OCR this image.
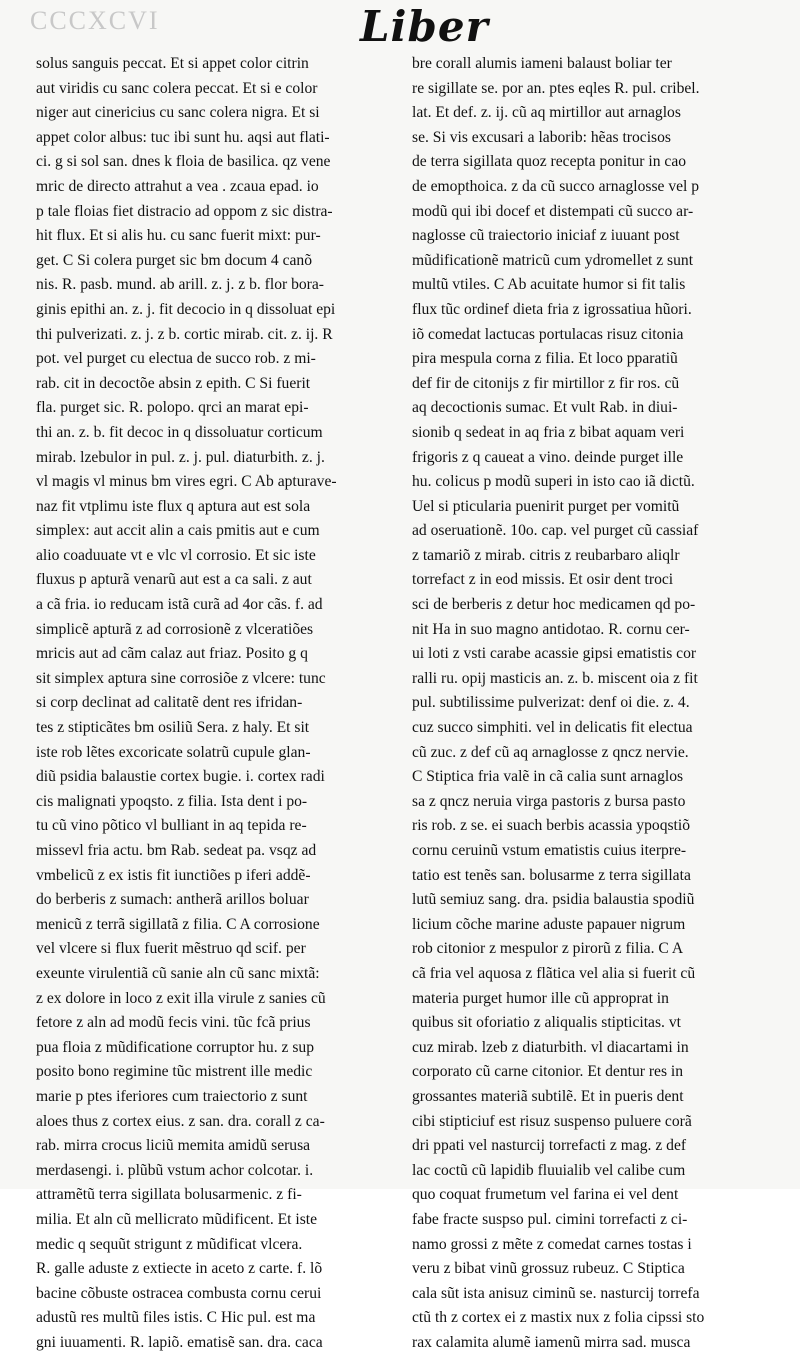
CCCXCVI	Liber
solus sanguis peccat. Et si appet color citrin
aut viridis cu sanc colera peccat. Et si e color
niger aut cinericius cu sanc colera nigra. Et si
appet color albus: tuc ibi sunt hu. aqsi aut flati-
ci. g si sol san. dnes k floia de basilica. qz vene
mric de directo attrahut a vea . zcaua epad. io
p tale floias fiet distracio ad oppom z sic distra-
hit flux. Et si alis hu. cu sanc fuerit mixt: pur-
get. C Si colera purget sic bm docum 4 canõ
nis. R. pasb. mund. ab arill. z. j. z b. flor bora-
ginis epithi an. z. j. fit decocio in q dissoluat epi
thi pulverizati. z. j. z b. cortic mirab. cit. z. ij. R
pot. vel purget cu electua de succo rob. z mi-
rab. cit in decoctõe absin z epith. C Si fuerit
fla. purget sic. R. polopo. qrci an marat epi-
thi an. z. b. fit decoc in q dissoluatur corticum
mirab. lzebulor in pul. z. j. pul. diaturbith. z. j.
vl magis vl minus bm vires egri. C Ab apturave-
naz fit vtplimu iste flux q aptura aut est sola
simplex: aut accit alin a cais pmitis aut e cum
alio coaduuate vt e vlc vl corrosio. Et sic iste
fluxus p apturã venarũ aut est a ca sali. z aut
a cã fria. io reducam istã curã ad 4or cãs. f. ad
simplicẽ apturã z ad corrosionẽ z vlceratiões
mricis aut ad cãm calaz aut friaz. Posito g q
sit simplex aptura sine corrosiõe z vlcere: tunc
si corp declinat ad calitatẽ dent res ifridan-
tes z stipticãtes bm osiliũ Sera. z haly. Et sit
iste rob lẽtes excoricate solatrũ cupule glan-
diũ psidia balaustie cortex bugie. i. cortex radi
cis malignati ypoqsto. z filia. Ista dent i po-
tu cũ vino põtico vl bulliant in aq tepida re-
missevl fria actu. bm Rab. sedeat pa. vsqz ad
vmbelicũ z ex istis fit iunctiões p iferi addẽ-
do berberis z sumach: antherã arillos boluar
menicũ z terrã sigillatã z filia. C A corrosione
vel vlcere si flux fuerit mẽstruo qd scif. per
exeunte virulentiã cũ sanie aln cũ sanc mixtã:
z ex dolore in loco z exit illa virule z sanies cũ
fetore z aln ad modũ fecis vini. tũc fcã prius
pua floia z mũdificatione corruptor hu. z sup
posito bono regimine tũc mistrent ille medic
marie p ptes iferiores cum traiectorio z sunt
aloes thus z cortex eius. z san. dra. corall z ca-
rab. mirra crocus liciũ memita amidũ serusa
merdasengi. i. plũbũ vstum achor colcotar. i.
attramẽtũ terra sigillata bolusarmenic. z fi-
milia. Et aln cũ mellicrato mũdificent. Et iste
medic q sequũt strigunt z mũdificat vlcera.
R. galle aduste z extiecte in aceto z carte. f. lõ
bacine cõbuste ostracea combusta cornu cerui
adustũ res multũ files istis. C Hic pul. est ma
gni iuuamenti. R. lapiõ. ematisẽ san. dra. caca
bre corall alumis iameni balaust boliar ter
re sigillate se. por an. ptes eqles R. pul. cribel.
lat. Et def. z. ij. cũ aq mirtillor aut arnaglos
se. Si vis excusari a laborib: hẽas trocisos
de terra sigillata quoz recepta ponitur in cao
de emopthoica. z da cũ succo arnaglosse vel p
modũ qui ibi docef et distempati cũ succo ar-
naglosse cũ traiectorio iniciaf z iuuant post
mũdificationẽ matricũ cum ydromellet z sunt
multũ vtiles. C Ab acuitate humor si fit talis
flux tũc ordinef dieta fria z igrossatiua hũori.
iõ comedat lactucas portulacas risuz citonia
pira mespula corna z filia. Et loco pparatiũ
def fir de citonijs z fir mirtillor z fir ros. cũ
aq decoctionis sumac. Et vult Rab. in diui-
sionib q sedeat in aq fria z bibat aquam veri
frigoris z q caueat a vino. deinde purget ille
hu. colicus p modũ superi in isto cao iã dictũ.
Uel si pticularia puenirit purget per vomitũ
ad oseruationẽ. 10o. cap. vel purget cũ cassiaf
z tamariõ z mirab. citris z reubarbaro aliqlr
torrefact z in eod missis. Et osir dent troci
sci de berberis z detur hoc medicamen qd po-
nit Ha in suo magno antidotao. R. cornu cer-
ui loti z vsti carabe acassie gipsi ematistis cor
ralli ru. opij masticis an. z. b. miscent oia z fit
pul. subtilissime pulverizat: denf oi die. z. 4.
cuz succo simphiti. vel in delicatis fit electua
cũ zuc. z def cũ aq arnaglosse z qncz nervie.
C Stiptica fria valẽ in cã calia sunt arnaglos
sa z qncz neruia virga pastoris z bursa pasto
ris rob. z se. ei suach berbis acassia ypoqstiõ
cornu ceruinũ vstum ematistis cuius iterpre-
tatio est tenẽs san. bolusarme z terra sigillata
lutũ semiuz sang. dra. psidia balaustia spodiũ
licium cõche marine aduste papauer nigrum
rob citonior z mespulor z pirorũ z filia. C A
cã fria vel aquosa z flãtica vel alia si fuerit cũ
materia purget humor ille cũ approprat in
quibus sit oforiatio z aliqualis stipticitas. vt
cuz mirab. lzeb z diaturbith. vl diacartami in
corporato cũ carne citonior. Et dentur res in
grossantes materiã subtilẽ. Et in pueris dent
cibi stipticiuf est risuz suspenso puluere corã
dri ppati vel nasturcij torrefacti z mag. z def
lac coctũ cũ lapidib fluuialib vel calibe cum
quo coquat frumetum vel farina ei vel dent
fabe fracte suspso pul. cimini torrefacti z ci-
namo grossi z mẽte z comedat carnes tostas i
veru z bibat vinũ grossuz rubeuz. C Stiptica
cala sũt ista anisuz ciminũ se. nasturcij torrefa
ctũ th z cortex ei z mastix nux z folia cipssi sto
rax calamita alumẽ iamenũ mirra sad. musca
